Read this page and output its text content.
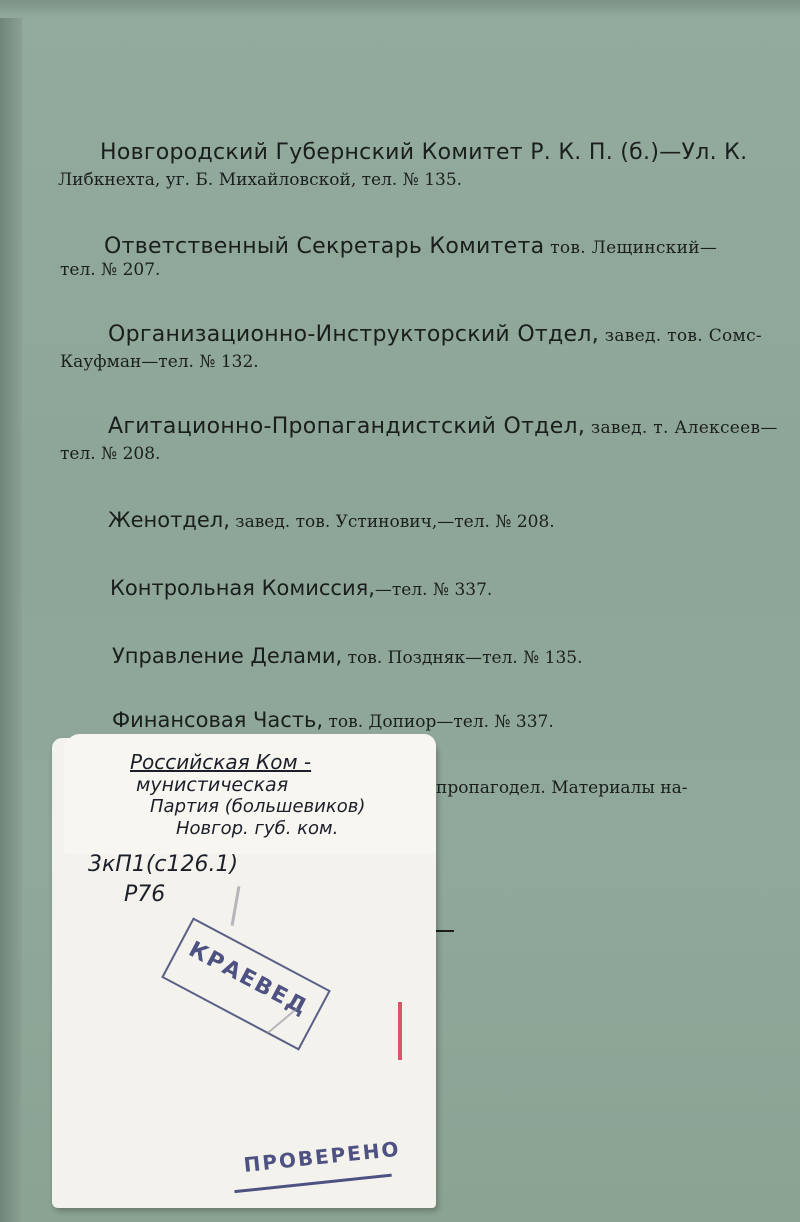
Новгородский Губернский Комитет Р. К. П. (б.)—Ул. К.
Либкнехта, уг. Б. Михайловской, тел. № 135.
Ответственный Секретарь Комитета тов. Лещинский—
тел. № 207.
Организационно-Инструкторский Отдел, завед. тов. Сомс-
Кауфман—тел. № 132.
Агитационно-Пропагандистский Отдел, завед. т. Алексеев—
тел. № 208.
Женотдел, завед. тов. Устинович,—тел. № 208.
Контрольная Комиссия,—тел. № 337.
Управление Делами, тов. Поздняк—тел. № 135.
Финансовая Часть, тов. Допиор—тел. № 337.
пропагодел. Материалы на-
Российская Ком -
мунистическая
Партия (большевиков)
Новгор. губ. ком.
3кП1(с126.1)
Р76
КРАЕВЕД
ПРОВЕРЕНО
